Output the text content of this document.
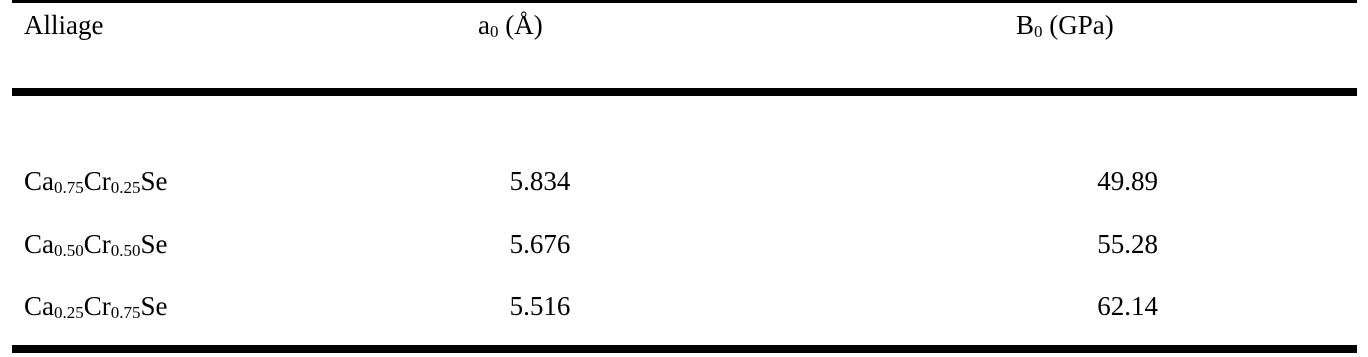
Alliage	a0 (Å)	B0 (GPa)
Ca0.75Cr0.25Se	5.834	49.89
Ca0.50Cr0.50Se	5.676	55.28
Ca0.25Cr0.75Se	5.516	62.14
